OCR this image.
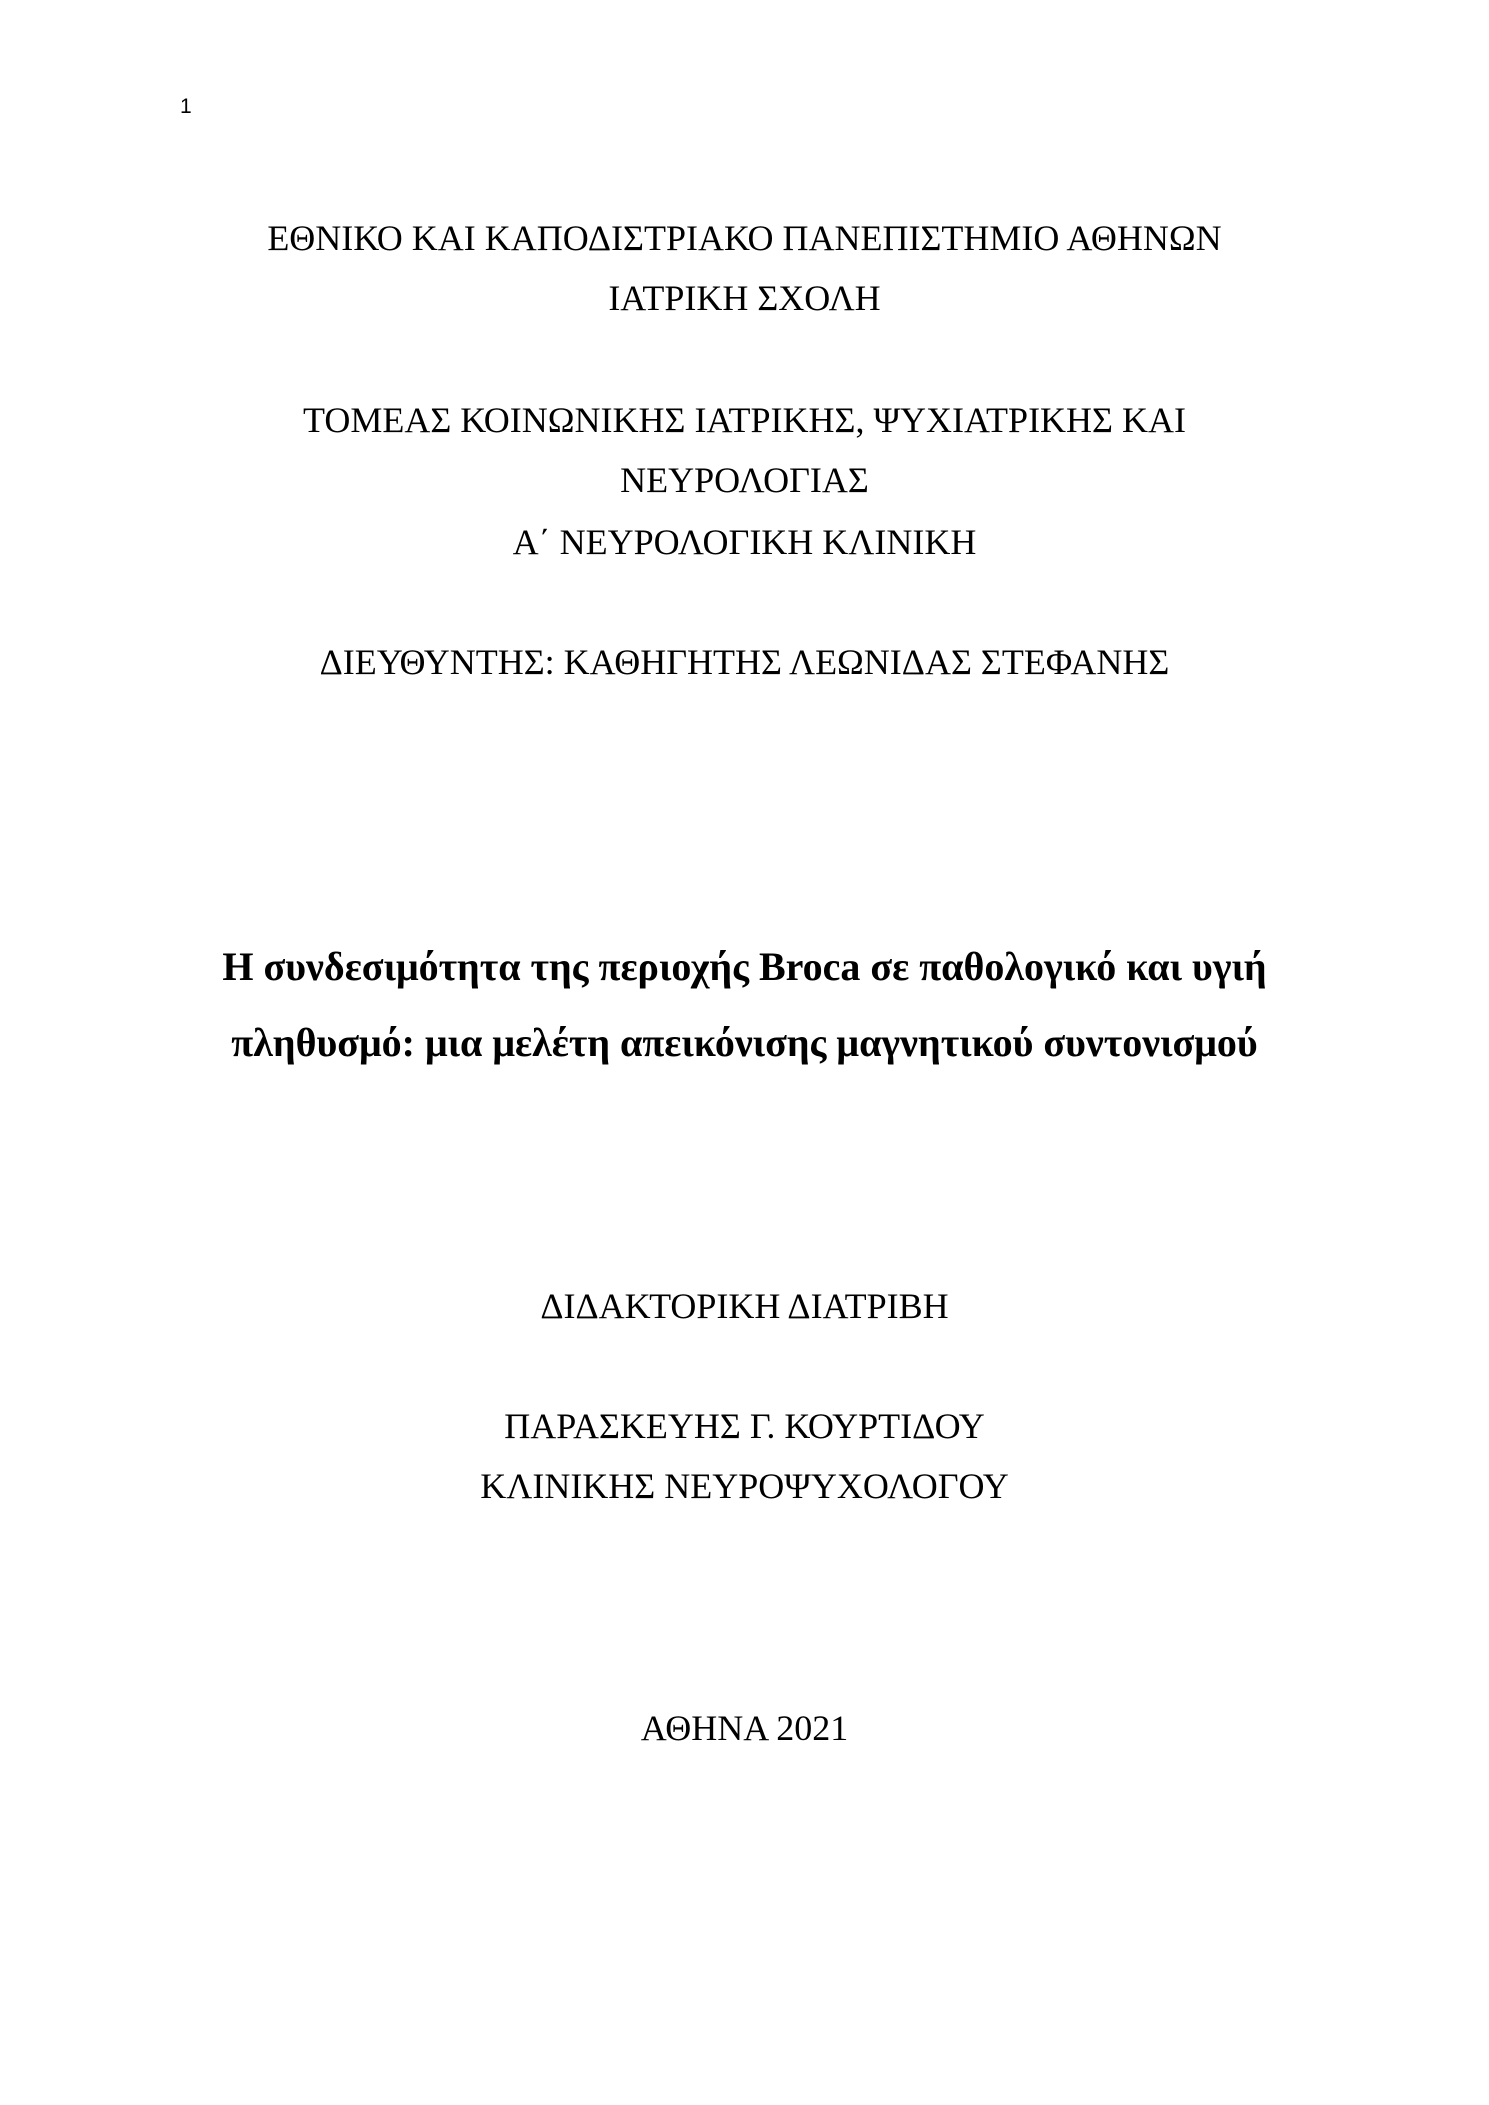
1
ΕΘΝΙΚΟ ΚΑΙ ΚΑΠΟΔΙΣΤΡΙΑΚΟ ΠΑΝΕΠΙΣΤΗΜΙΟ ΑΘΗΝΩΝ
ΙΑΤΡΙΚΗ ΣΧΟΛΗ
ΤΟΜΕΑΣ ΚΟΙΝΩΝΙΚΗΣ ΙΑΤΡΙΚΗΣ, ΨΥΧΙΑΤΡΙΚΗΣ ΚΑΙ
ΝΕΥΡΟΛΟΓΙΑΣ
Α΄ ΝΕΥΡΟΛΟΓΙΚΗ ΚΛΙΝΙΚΗ
ΔΙΕΥΘΥΝΤΗΣ: ΚΑΘΗΓΗΤΗΣ ΛΕΩΝΙΔΑΣ ΣΤΕΦΑΝΗΣ
Η συνδεσιμότητα της περιοχής Broca σε παθολογικό και υγιή
πληθυσμό: μια μελέτη απεικόνισης μαγνητικού συντονισμού
ΔΙΔΑΚΤΟΡΙΚΗ ΔΙΑΤΡΙΒΗ
ΠΑΡΑΣΚΕΥΗΣ Γ. ΚΟΥΡΤΙΔΟΥ
ΚΛΙΝΙΚΗΣ ΝΕΥΡΟΨΥΧΟΛΟΓΟΥ
ΑΘΗΝΑ 2021
